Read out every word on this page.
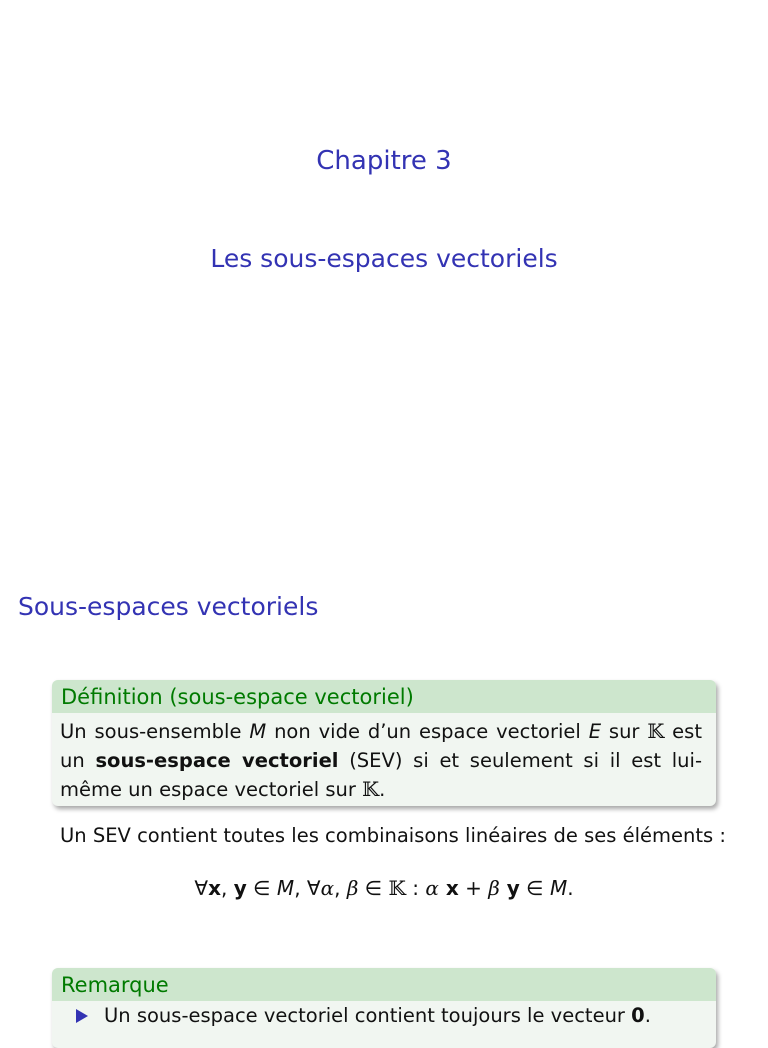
Chapitre 3
Les sous-espaces vectoriels
Sous-espaces vectoriels
Définition (sous-espace vectoriel)
Un sous-ensemble M non vide d’un espace vectoriel E sur 𝕂 est un sous-espace vectoriel (SEV) si et seulement si il est lui-même un espace vectoriel sur 𝕂.
Un SEV contient toutes les combinaisons linéaires de ses éléments :
∀x, y ∈ M, ∀α, β ∈ 𝕂 : α x + β y ∈ M.
Remarque
Un sous-espace vectoriel contient toujours le vecteur 0.
